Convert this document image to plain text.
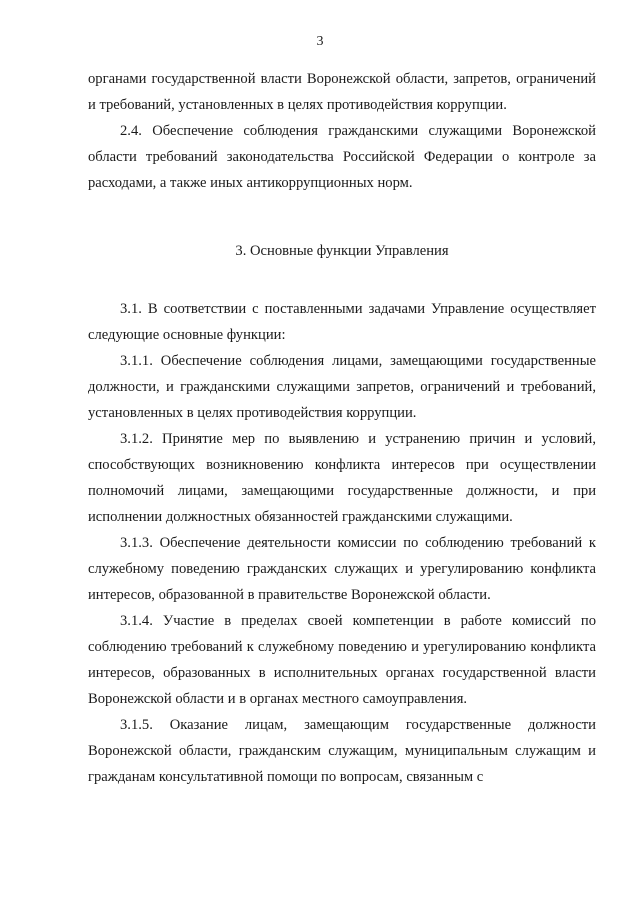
3

органами государственной власти Воронежской области, запретов, ограничений и требований, установленных в целях противодействия коррупции.

2.4. Обеспечение соблюдения гражданскими служащими Воронежской области требований законодательства Российской Федерации о контроле за расходами, а также иных антикоррупционных норм.

3. Основные функции Управления

3.1. В соответствии с поставленными задачами Управление осуществляет следующие основные функции:

3.1.1. Обеспечение соблюдения лицами, замещающими государственные должности, и гражданскими служащими запретов, ограничений и требований, установленных в целях противодействия коррупции.

3.1.2. Принятие мер по выявлению и устранению причин и условий, способствующих возникновению конфликта интересов при осуществлении полномочий лицами, замещающими государственные должности, и при исполнении должностных обязанностей гражданскими служащими.

3.1.3. Обеспечение деятельности комиссии по соблюдению требований к служебному поведению гражданских служащих и урегулированию конфликта интересов, образованной в правительстве Воронежской области.

3.1.4. Участие в пределах своей компетенции в работе комиссий по соблюдению требований к служебному поведению и урегулированию конфликта интересов, образованных в исполнительных органах государственной власти Воронежской области и в органах местного самоуправления.

3.1.5. Оказание лицам, замещающим государственные должности Воронежской области, гражданским служащим, муниципальным служащим и гражданам консультативной помощи по вопросам, связанным с
